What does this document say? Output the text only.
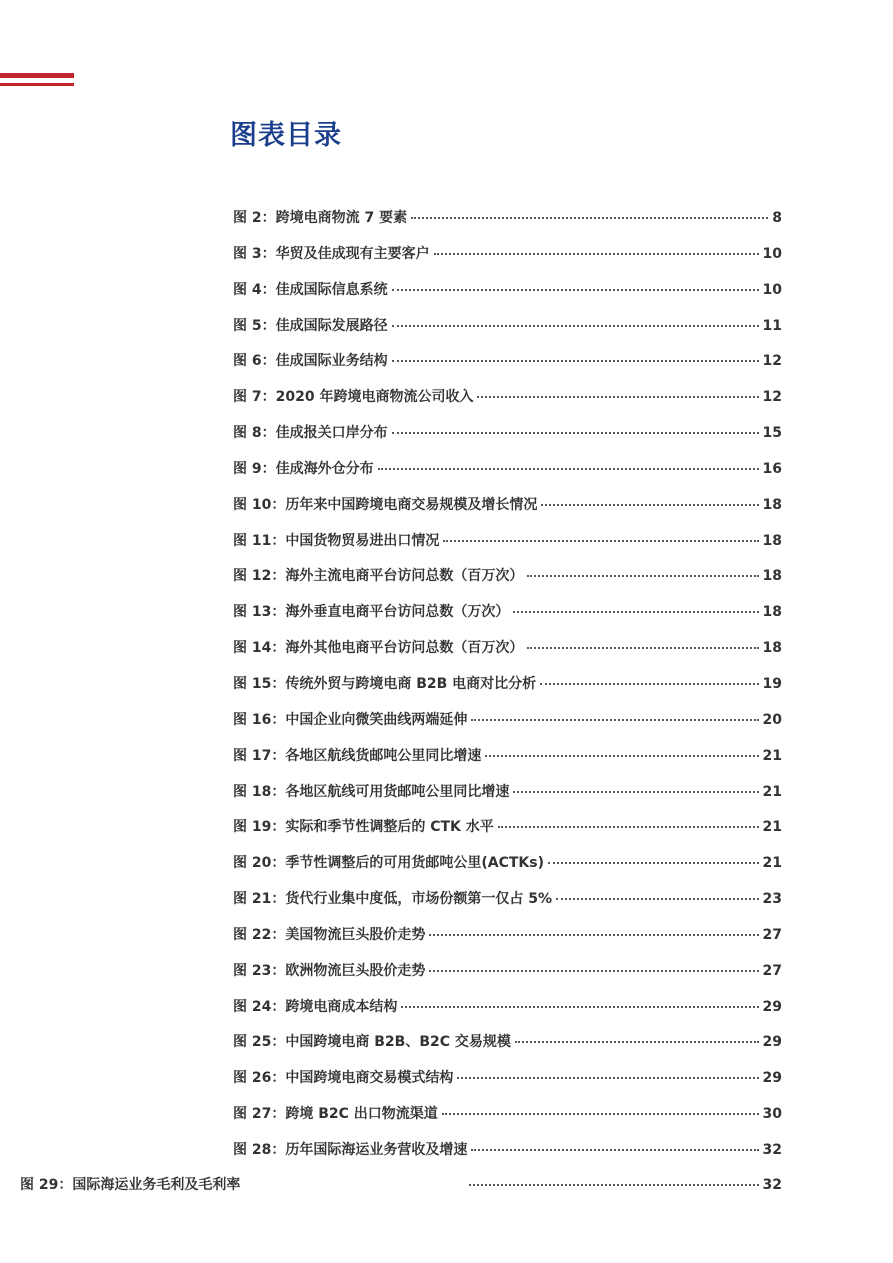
图表目录
图 2：跨境电商物流 7 要素	8
图 3：华贸及佳成现有主要客户	10
图 4：佳成国际信息系统	10
图 5：佳成国际发展路径	11
图 6：佳成国际业务结构	12
图 7：2020 年跨境电商物流公司收入	12
图 8：佳成报关口岸分布	15
图 9：佳成海外仓分布	16
图 10：历年来中国跨境电商交易规模及增长情况	18
图 11：中国货物贸易进出口情况	18
图 12：海外主流电商平台访问总数（百万次）	18
图 13：海外垂直电商平台访问总数（万次）	18
图 14：海外其他电商平台访问总数（百万次）	18
图 15：传统外贸与跨境电商 B2B 电商对比分析	19
图 16：中国企业向微笑曲线两端延伸	20
图 17：各地区航线货邮吨公里同比增速	21
图 18：各地区航线可用货邮吨公里同比增速	21
图 19：实际和季节性调整后的 CTK 水平	21
图 20：季节性调整后的可用货邮吨公里(ACTKs)	21
图 21：货代行业集中度低，市场份额第一仅占 5%	23
图 22：美国物流巨头股价走势	27
图 23：欧洲物流巨头股价走势	27
图 24：跨境电商成本结构	29
图 25：中国跨境电商 B2B、B2C 交易规模	29
图 26：中国跨境电商交易模式结构	29
图 27：跨境 B2C 出口物流渠道	30
图 28：历年国际海运业务营收及增速	32
图 29：国际海运业务毛利及毛利率	32
